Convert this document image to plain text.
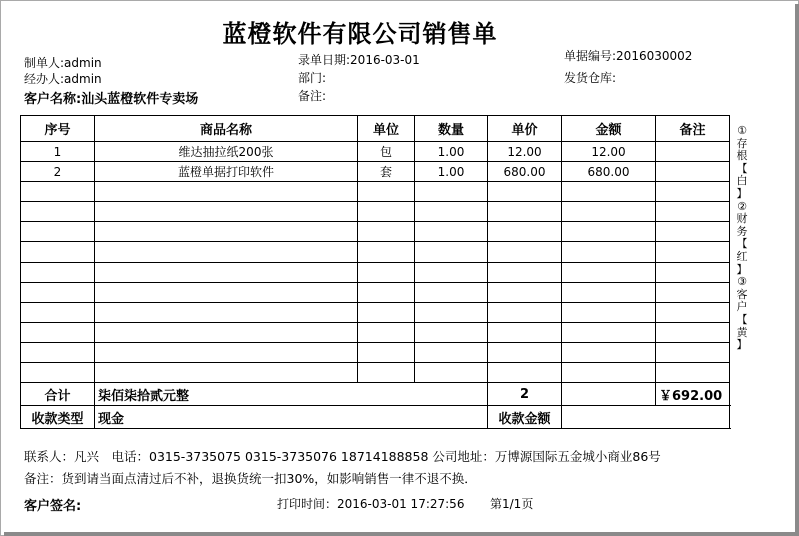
蓝橙软件有限公司销售单
制单人:admin
经办人:admin
客户名称:汕头蓝橙软件专卖场
录单日期:2016-03-01
部门:
备注:
单据编号:2016030002
发货仓库:
序号	商品名称	单位	数量	单价	金额	备注
1	维达抽拉纸200张	包	1.00	12.00	12.00	
2	蓝橙单据打印软件	套	1.00	680.00	680.00	

合计	柒佰柒拾贰元整			2		￥692.00
收款类型	现金			收款金额		
①
存
根
【
白
】
②
财
务
【
红
】
③
客
户
【
黄
】
联系人：凡兴　电话：0315-3735075 0315-3735076 18714188858 公司地址：万博源国际五金城小商业86号
备注：货到请当面点清过后不补，退换货统一扣30%，如影响销售一律不退不换．
客户签名:	打印时间：2016-03-01 17:27:56 第1/1页
